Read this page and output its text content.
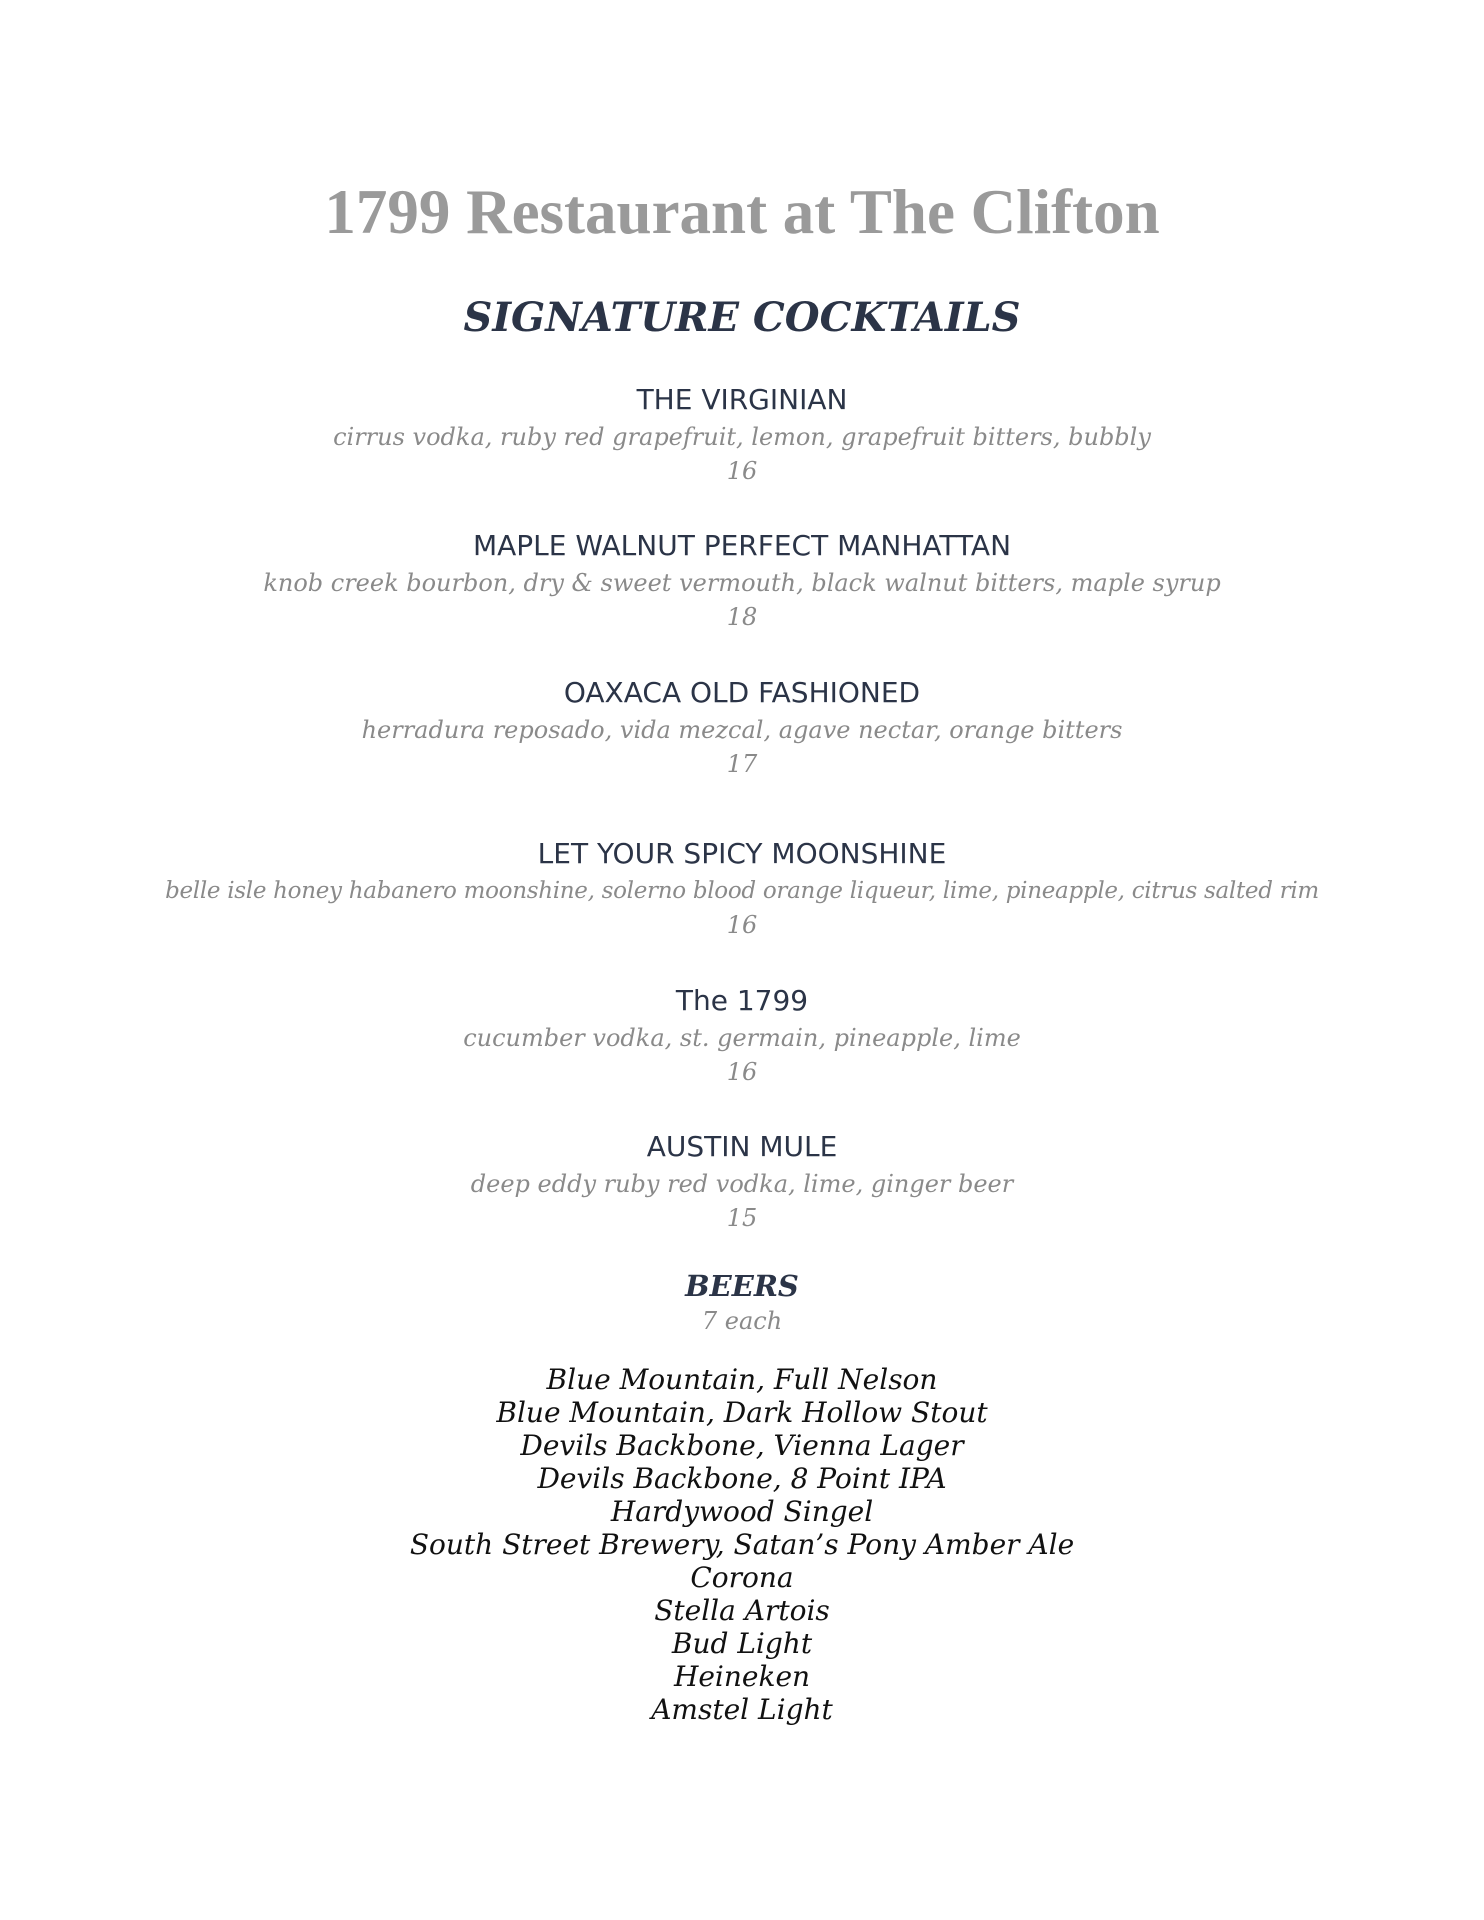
1799 Restaurant at The Clifton
SIGNATURE COCKTAILS
THE VIRGINIAN
cirrus vodka, ruby red grapefruit, lemon, grapefruit bitters, bubbly
16
MAPLE WALNUT PERFECT MANHATTAN
knob creek bourbon, dry & sweet vermouth, black walnut bitters, maple syrup
18
OAXACA OLD FASHIONED
herradura reposado, vida mezcal, agave nectar, orange bitters
17
LET YOUR SPICY MOONSHINE
belle isle honey habanero moonshine, solerno blood orange liqueur, lime, pineapple, citrus salted rim
16
The 1799
cucumber vodka, st. germain, pineapple, lime
16
AUSTIN MULE
deep eddy ruby red vodka, lime, ginger beer
15
BEERS
7 each
Blue Mountain, Full Nelson
Blue Mountain, Dark Hollow Stout
Devils Backbone, Vienna Lager
Devils Backbone, 8 Point IPA
Hardywood Singel
South Street Brewery, Satan’s Pony Amber Ale
Corona
Stella Artois
Bud Light
Heineken
Amstel Light
